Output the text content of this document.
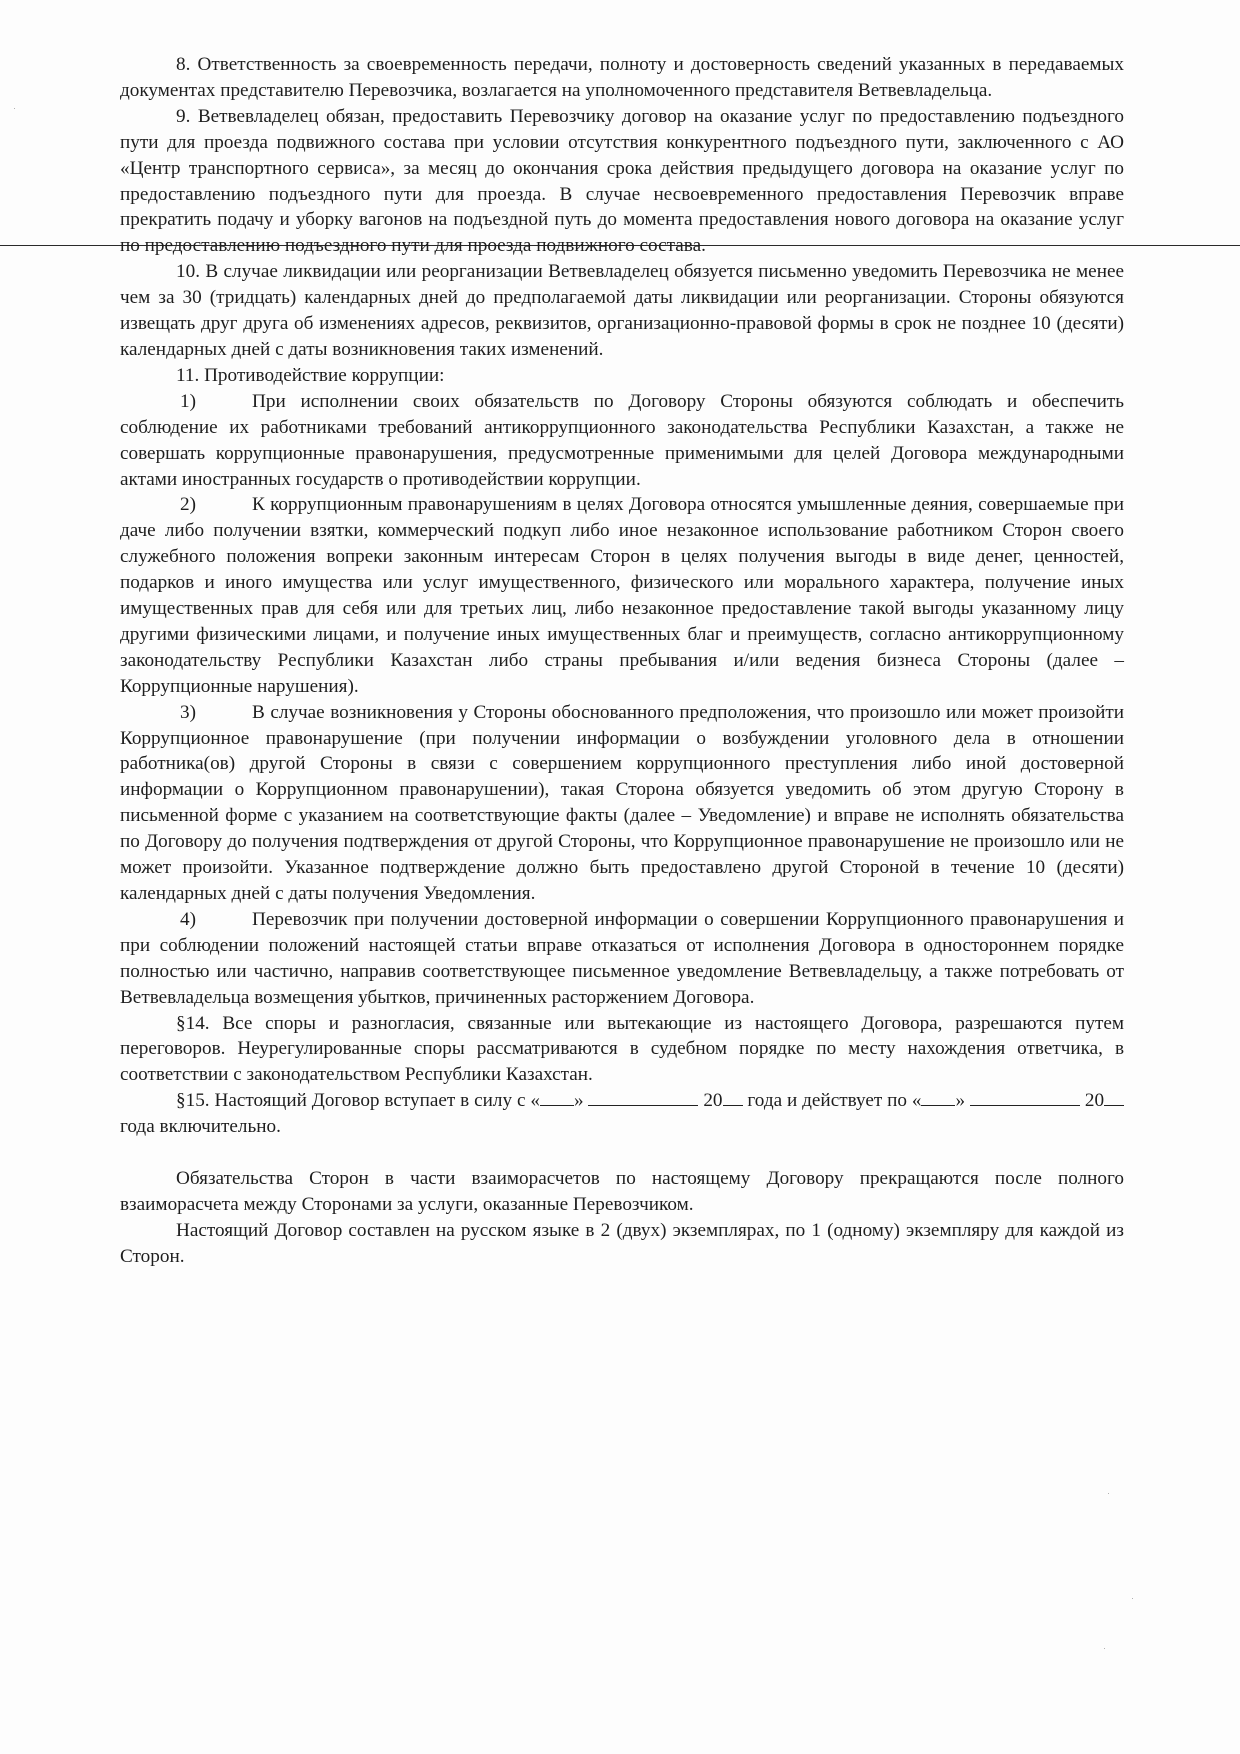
8. Ответственность за своевременность передачи, полноту и достоверность сведений указанных в передаваемых документах представителю Перевозчика, возлагается на уполномоченного представителя Ветвевладельца.

9. Ветвевладелец обязан, предоставить Перевозчику договор на оказание услуг по предоставлению подъездного пути для проезда подвижного состава при условии отсутствия конкурентного подъездного пути, заключенного с АО «Центр транспортного сервиса», за месяц до окончания срока действия предыдущего договора на оказание услуг по предоставлению подъездного пути для проезда. В случае несвоевременного предоставления Перевозчик вправе прекратить подачу и уборку вагонов на подъездной путь до момента предоставления нового договора на оказание услуг по предоставлению подъездного пути для проезда подвижного состава.

10. В случае ликвидации или реорганизации Ветвевладелец обязуется письменно уведомить Перевозчика не менее чем за 30 (тридцать) календарных дней до предполагаемой даты ликвидации или реорганизации. Стороны обязуются извещать друг друга об изменениях адресов, реквизитов, организационно-правовой формы в срок не позднее 10 (десяти) календарных дней с даты возникновения таких изменений.

11. Противодействие коррупции:

1)	При исполнении своих обязательств по Договору Стороны обязуются соблюдать и обеспечить соблюдение их работниками требований антикоррупционного законодательства Республики Казахстан, а также не совершать коррупционные правонарушения, предусмотренные применимыми для целей Договора международными актами иностранных государств о противодействии коррупции.

2)	К коррупционным правонарушениям в целях Договора относятся умышленные деяния, совершаемые при даче либо получении взятки, коммерческий подкуп либо иное незаконное использование работником Сторон своего служебного положения вопреки законным интересам Сторон в целях получения выгоды в виде денег, ценностей, подарков и иного имущества или услуг имущественного, физического или морального характера, получение иных имущественных прав для себя или для третьих лиц, либо незаконное предоставление такой выгоды указанному лицу другими физическими лицами, и получение иных имущественных благ и преимуществ, согласно антикоррупционному законодательству Республики Казахстан либо страны пребывания и/или ведения бизнеса Стороны (далее – Коррупционные нарушения).

3)	В случае возникновения у Стороны обоснованного предположения, что произошло или может произойти Коррупционное правонарушение (при получении информации о возбуждении уголовного дела в отношении работника(ов) другой Стороны в связи с совершением коррупционного преступления либо иной достоверной информации о Коррупционном правонарушении), такая Сторона обязуется уведомить об этом другую Сторону в письменной форме с указанием на соответствующие факты (далее – Уведомление) и вправе не исполнять обязательства по Договору до получения подтверждения от другой Стороны, что Коррупционное правонарушение не произошло или не может произойти. Указанное подтверждение должно быть предоставлено другой Стороной в течение 10 (десяти) календарных дней с даты получения Уведомления.

4)	Перевозчик при получении достоверной информации о совершении Коррупционного правонарушения и при соблюдении положений настоящей статьи вправе отказаться от исполнения Договора в одностороннем порядке полностью или частично, направив соответствующее письменное уведомление Ветвевладельцу, а также потребовать от Ветвевладельца возмещения убытков, причиненных расторжением Договора.

§14. Все споры и разногласия, связанные или вытекающие из настоящего Договора, разрешаются путем переговоров. Неурегулированные споры рассматриваются в судебном порядке по месту нахождения ответчика, в соответствии с законодательством Республики Казахстан.

§15. Настоящий Договор вступает в силу с « »	20 года и действует по « »	20 года включительно.

Обязательства Сторон в части взаиморасчетов по настоящему Договору прекращаются после полного взаиморасчета между Сторонами за услуги, оказанные Перевозчиком.

Настоящий Договор составлен на русском языке в 2 (двух) экземплярах, по 1 (одному) экземпляру для каждой из Сторон.
